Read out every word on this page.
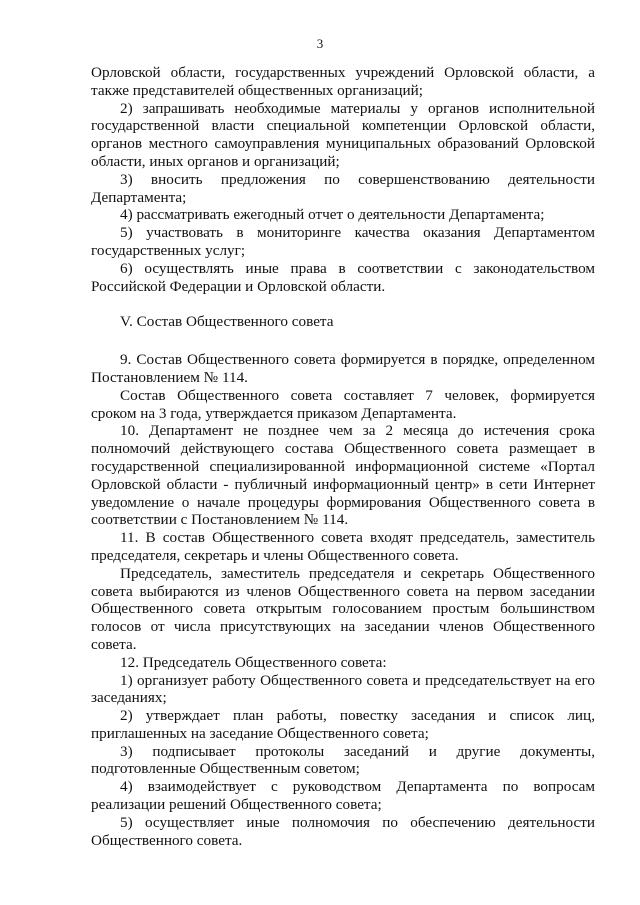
3

Орловской области, государственных учреждений Орловской области, а также представителей общественных организаций;

2) запрашивать необходимые материалы у органов исполнительной государственной власти специальной компетенции Орловской области, органов местного самоуправления муниципальных образований Орловской области, иных органов и организаций;

3) вносить предложения по совершенствованию деятельности Департамента;

4) рассматривать ежегодный отчет о деятельности Департамента;

5) участвовать в мониторинге качества оказания Департаментом государственных услуг;

6) осуществлять иные права в соответствии с законодательством Российской Федерации и Орловской области.

V. Состав Общественного совета

9. Состав Общественного совета формируется в порядке, определенном Постановлением № 114.

Состав Общественного совета составляет 7 человек, формируется сроком на 3 года, утверждается приказом Департамента.

10. Департамент не позднее чем за 2 месяца до истечения срока полномочий действующего состава Общественного совета размещает в государственной специализированной информационной системе «Портал Орловской области - публичный информационный центр» в сети Интернет уведомление о начале процедуры формирования Общественного совета в соответствии с Постановлением № 114.

11. В состав Общественного совета входят председатель, заместитель председателя, секретарь и члены Общественного совета.

Председатель, заместитель председателя и секретарь Общественного совета выбираются из членов Общественного совета на первом заседании Общественного совета открытым голосованием простым большинством голосов от числа присутствующих на заседании членов Общественного совета.

12. Председатель Общественного совета:

1) организует работу Общественного совета и председательствует на его заседаниях;

2) утверждает план работы, повестку заседания и список лиц, приглашенных на заседание Общественного совета;

3) подписывает протоколы заседаний и другие документы, подготовленные Общественным советом;

4) взаимодействует с руководством Департамента по вопросам реализации решений Общественного совета;

5) осуществляет иные полномочия по обеспечению деятельности Общественного совета.
